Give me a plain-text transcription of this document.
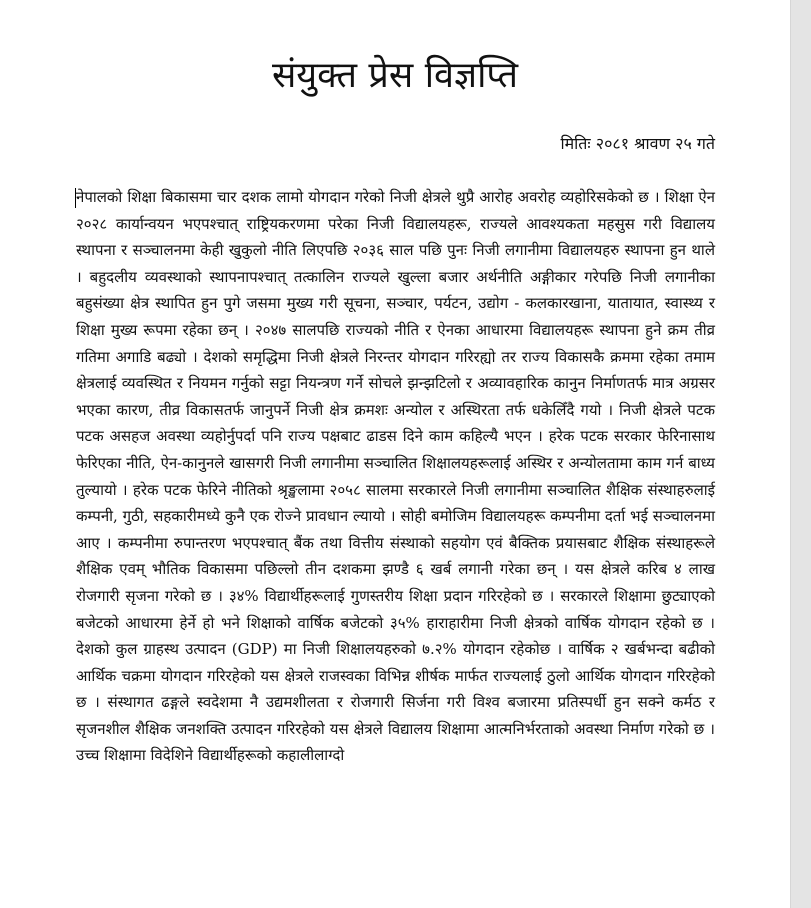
संयुक्त प्रेस विज्ञप्ति

मितिः २०८१ श्रावण २५ गते

नेपालको शिक्षा बिकासमा चार दशक लामो योगदान गरेको निजी क्षेत्रले थुप्रै आरोह अवरोह व्यहोरिसकेको छ । शिक्षा ऐन २०२८ कार्यान्वयन भएपश्चात् राष्ट्रियकरणमा परेका निजी विद्यालयहरू, राज्यले आवश्यकता महसुस गरी विद्यालय स्थापना र सञ्चालनमा केही खुकुलो नीति लिएपछि २०३६ साल पछि पुनः निजी लगानीमा विद्यालयहरु स्थापना हुन थाले । बहुदलीय व्यवस्थाको स्थापनापश्चात् तत्कालिन राज्यले खुल्ला बजार अर्थनीति अङ्गीकार गरेपछि निजी लगानीका बहुसंख्या क्षेत्र स्थापित हुन पुगे जसमा मुख्य गरी सूचना, सञ्चार, पर्यटन, उद्योग - कलकारखाना, यातायात, स्वास्थ्य र शिक्षा मुख्य रूपमा रहेका छन् । २०४७ सालपछि राज्यको नीति र ऐनका आधारमा विद्यालयहरू स्थापना हुने क्रम तीव्र गतिमा अगाडि बढ्यो । देशको समृद्धिमा निजी क्षेत्रले निरन्तर योगदान गरिरह्यो तर राज्य विकासकै क्रममा रहेका तमाम क्षेत्रलाई व्यवस्थित र नियमन गर्नुको सट्टा नियन्त्रण गर्ने सोचले झन्झटिलो र अव्यावहारिक कानुन निर्माणतर्फ मात्र अग्रसर भएका कारण, तीव्र विकासतर्फ जानुपर्ने निजी क्षेत्र क्रमशः अन्योल र अस्थिरता तर्फ धकेलिँदै गयो । निजी क्षेत्रले पटक पटक असहज अवस्था व्यहोर्नुपर्दा पनि राज्य पक्षबाट ढाडस दिने काम कहिल्यै भएन । हरेक पटक सरकार फेरिनासाथ फेरिएका नीति, ऐन-कानुनले खासगरी निजी लगानीमा सञ्चालित शिक्षालयहरूलाई अस्थिर र अन्योलतामा काम गर्न बाध्य तुल्यायो । हरेक पटक फेरिने नीतिको श्रृङ्खलामा २०५८ सालमा सरकारले निजी लगानीमा सञ्चालित शैक्षिक संस्थाहरुलाई कम्पनी, गुठी, सहकारीमध्ये कुनै एक रोज्ने प्रावधान ल्यायो । सोही बमोजिम विद्यालयहरू कम्पनीमा दर्ता भई सञ्चालनमा आए । कम्पनीमा रुपान्तरण भएपश्चात् बैंक तथा वित्तीय संस्थाको सहयोग एवं बैक्तिक प्रयासबाट शैक्षिक संस्थाहरूले शैक्षिक एवम् भौतिक विकासमा पछिल्लो तीन दशकमा झण्डै ६ खर्ब लगानी गरेका छन् । यस क्षेत्रले करिब ४ लाख रोजगारी सृजना गरेको छ । ३४% विद्यार्थीहरूलाई गुणस्तरीय शिक्षा प्रदान गरिरहेको छ । सरकारले शिक्षामा छुट्याएको बजेटको आधारमा हेर्ने हो भने शिक्षाको वार्षिक बजेटको ३५% हाराहारीमा निजी क्षेत्रको वार्षिक योगदान रहेको छ । देशको कुल ग्राहस्थ उत्पादन (GDP) मा निजी शिक्षालयहरुको ७.२% योगदान रहेकोछ । वार्षिक २ खर्बभन्दा बढीको आर्थिक चक्रमा योगदान गरिरहेको यस क्षेत्रले राजस्वका विभिन्न शीर्षक मार्फत राज्यलाई ठुलो आर्थिक योगदान गरिरहेको छ । संस्थागत ढङ्गले स्वदेशमा नै उद्यमशीलता र रोजगारी सिर्जना गरी विश्व बजारमा प्रतिस्पर्धी हुन सक्ने कर्मठ र सृजनशील शैक्षिक जनशक्ति उत्पादन गरिरहेको यस क्षेत्रले विद्यालय शिक्षामा आत्मनिर्भरताको अवस्था निर्माण गरेको छ । उच्च शिक्षामा विदेशिने विद्यार्थीहरूको कहालीलाग्दो
